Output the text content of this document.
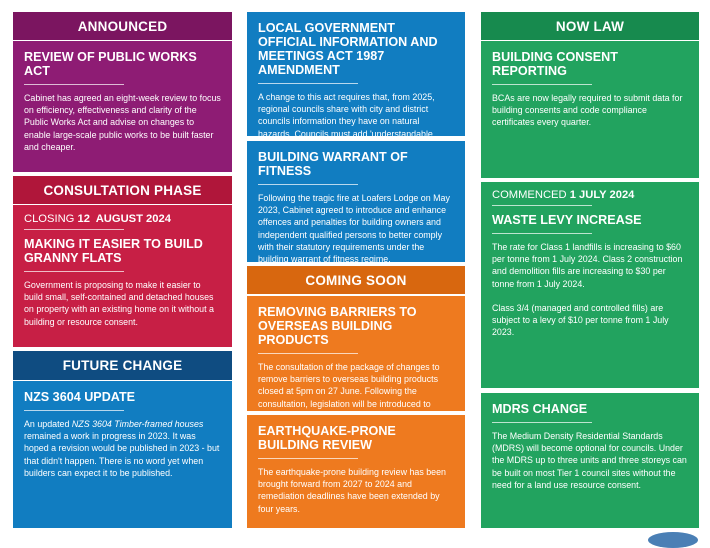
ANNOUNCED
REVIEW OF PUBLIC WORKS ACT

Cabinet has agreed an eight-week review to focus on efficiency, effectiveness and clarity of the Public Works Act and advise on changes to enable large-scale public works to be built faster and cheaper.

CONSULTATION PHASE
CLOSING 12  AUGUST 2024
MAKING IT EASIER TO BUILD GRANNY FLATS

Government is proposing to make it easier to build small, self-contained and detached houses on property with an existing home on it without a building or resource consent.

FUTURE CHANGE
NZS 3604 UPDATE

An updated NZS 3604 Timber-framed houses remained a work in progress in 2023. It was hoped a revision would be published in 2023 - but that didn't happen. There is no word yet when builders can expect it to be published.

LOCAL GOVERNMENT OFFICIAL INFORMATION AND MEETINGS ACT 1987 AMENDMENT

A change to this act requires that, from 2025, regional councils share with city and district councils information they have on natural hazards. Councils must add 'understandable

BUILDING WARRANT OF FITNESS

Following the tragic fire at Loafers Lodge on May 2023, Cabinet agreed to introduce and enhance offences and penalties for building owners and independent qualified persons to better comply with their statutory requirements under the building warrant of fitness regime.

COMING SOON
REMOVING BARRIERS TO OVERSEAS BUILDING PRODUCTS

The consultation of the package of changes to remove barriers to overseas building products closed at 5pm on 27 June. Following the consultation, legislation will be introduced to

EARTHQUAKE-PRONE BUILDING REVIEW

The earthquake-prone building review has been brought forward from 2027 to 2024 and remediation deadlines have been extended by four years.

NOW LAW
BUILDING CONSENT REPORTING

BCAs are now legally required to submit data for building consents and code compliance certificates every quarter.

COMMENCED 1 JULY 2024
WASTE LEVY INCREASE

The rate for Class 1 landfills is increasing to $60 per tonne from 1 July 2024. Class 2 construction and demolition fills are increasing to $30 per tonne from 1 July 2024.

Class 3/4 (managed and controlled fills) are subject to a levy of $10 per tonne from 1 July 2023.

MDRS CHANGE

The Medium Density Residential Standards (MDRS) will become optional for councils. Under the MDRS up to three units and three storeys can be built on most Tier 1 council sites without the need for a land use resource consent.
